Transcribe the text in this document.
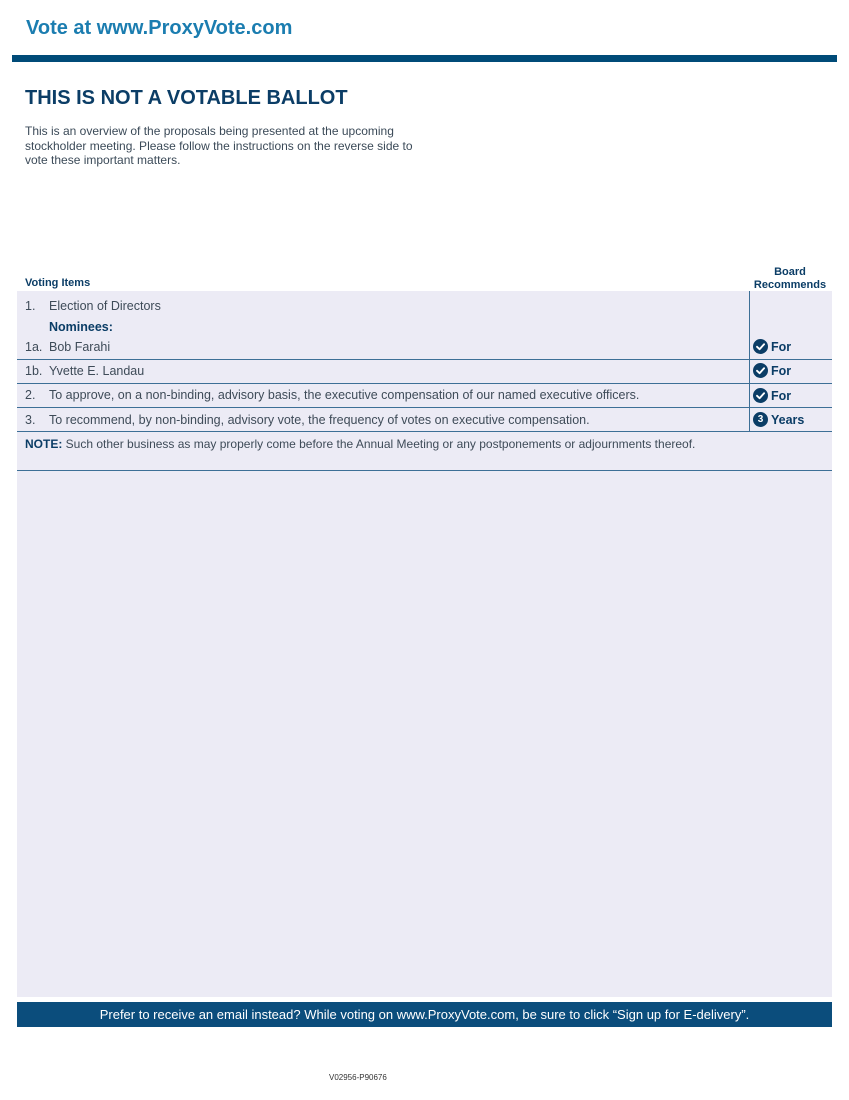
Vote at www.ProxyVote.com
THIS IS NOT A VOTABLE BALLOT
This is an overview of the proposals being presented at the upcoming stockholder meeting. Please follow the instructions on the reverse side to vote these important matters.
Voting Items
Board Recommends
1. Election of Directors
Nominees:
1a. Bob Farahi	For
1b. Yvette E. Landau	For
2. To approve, on a non-binding, advisory basis, the executive compensation of our named executive officers.	For
3. To recommend, by non-binding, advisory vote, the frequency of votes on executive compensation.	3 Years
NOTE: Such other business as may properly come before the Annual Meeting or any postponements or adjournments thereof.
Prefer to receive an email instead? While voting on www.ProxyVote.com, be sure to click “Sign up for E-delivery”.
V02956-P90676
